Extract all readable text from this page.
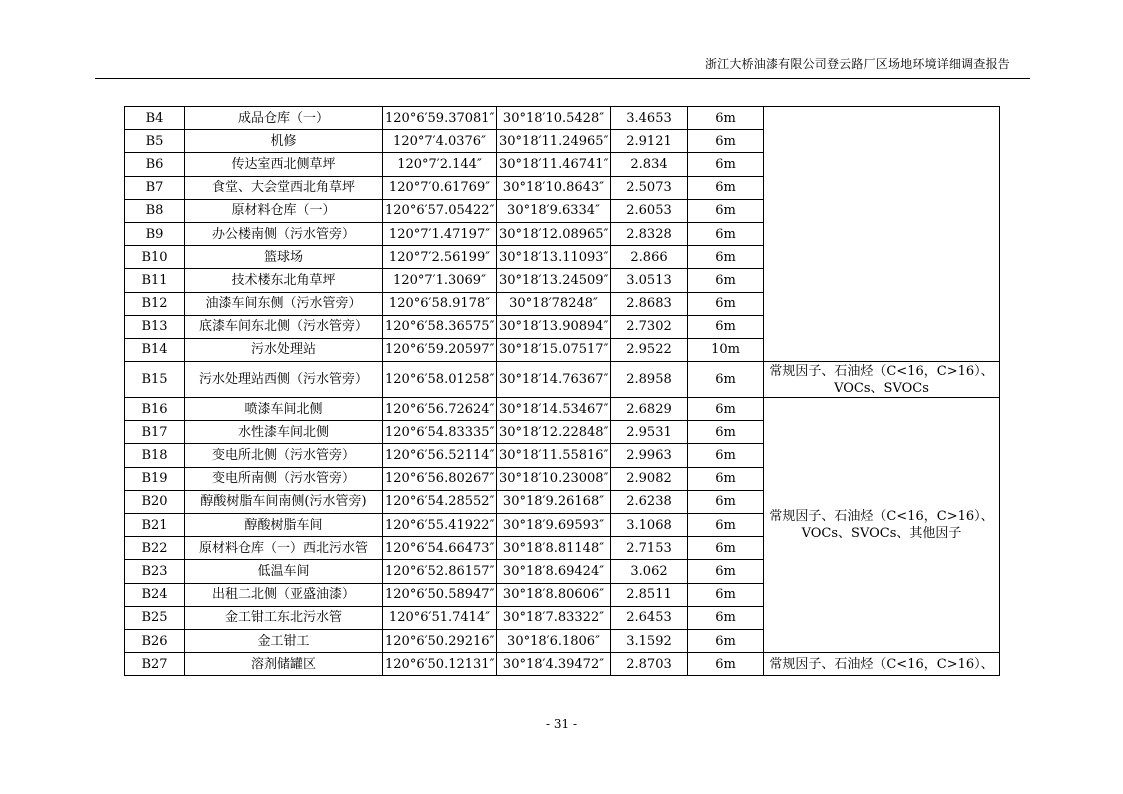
浙江大桥油漆有限公司登云路厂区场地环境详细调查报告
B4	成品仓库（一）	120°6′59.37081″	30°18′10.5428″	3.4653	6m	
B5	机修	120°7′4.0376″	30°18′11.24965″	2.9121	6m	
B6	传达室西北侧草坪	120°7′2.144″	30°18′11.46741″	2.834	6m	
B7	食堂、大会堂西北角草坪	120°7′0.61769″	30°18′10.8643″	2.5073	6m	
B8	原材料仓库（一）	120°6′57.05422″	30°18′9.6334″	2.6053	6m	
B9	办公楼南侧（污水管旁）	120°7′1.47197″	30°18′12.08965″	2.8328	6m	
B10	篮球场	120°7′2.56199″	30°18′13.11093″	2.866	6m	
B11	技术楼东北角草坪	120°7′1.3069″	30°18′13.24509″	3.0513	6m	
B12	油漆车间东侧（污水管旁）	120°6′58.9178″	30°18′78248″	2.8683	6m	
B13	底漆车间东北侧（污水管旁）	120°6′58.36575″	30°18′13.90894″	2.7302	6m	
B14	污水处理站	120°6′59.20597″	30°18′15.07517″	2.9522	10m	
B15	污水处理站西侧（污水管旁）	120°6′58.01258″	30°18′14.76367″	2.8958	6m	常规因子、石油烃（C<16，C>16）、VOCs、SVOCs
B16	喷漆车间北侧	120°6′56.72624″	30°18′14.53467″	2.6829	6m	常规因子、石油烃（C<16，C>16）、VOCs、SVOCs、其他因子
B17	水性漆车间北侧	120°6′54.83335″	30°18′12.22848″	2.9531	6m	
B18	变电所北侧（污水管旁）	120°6′56.52114″	30°18′11.55816″	2.9963	6m	
B19	变电所南侧（污水管旁）	120°6′56.80267″	30°18′10.23008″	2.9082	6m	
B20	醇酸树脂车间南侧(污水管旁)	120°6′54.28552″	30°18′9.26168″	2.6238	6m	
B21	醇酸树脂车间	120°6′55.41922″	30°18′9.69593″	3.1068	6m	
B22	原材料仓库（一）西北污水管	120°6′54.66473″	30°18′8.81148″	2.7153	6m	
B23	低温车间	120°6′52.86157″	30°18′8.69424″	3.062	6m	
B24	出租二北侧（亚盛油漆）	120°6′50.58947″	30°18′8.80606″	2.8511	6m	
B25	金工钳工东北污水管	120°6′51.7414″	30°18′7.83322″	2.6453	6m	
B26	金工钳工	120°6′50.29216″	30°18′6.1806″	3.1592	6m	
B27	溶剂储罐区	120°6′50.12131″	30°18′4.39472″	2.8703	6m	常规因子、石油烃（C<16，C>16）、
- 31 -
